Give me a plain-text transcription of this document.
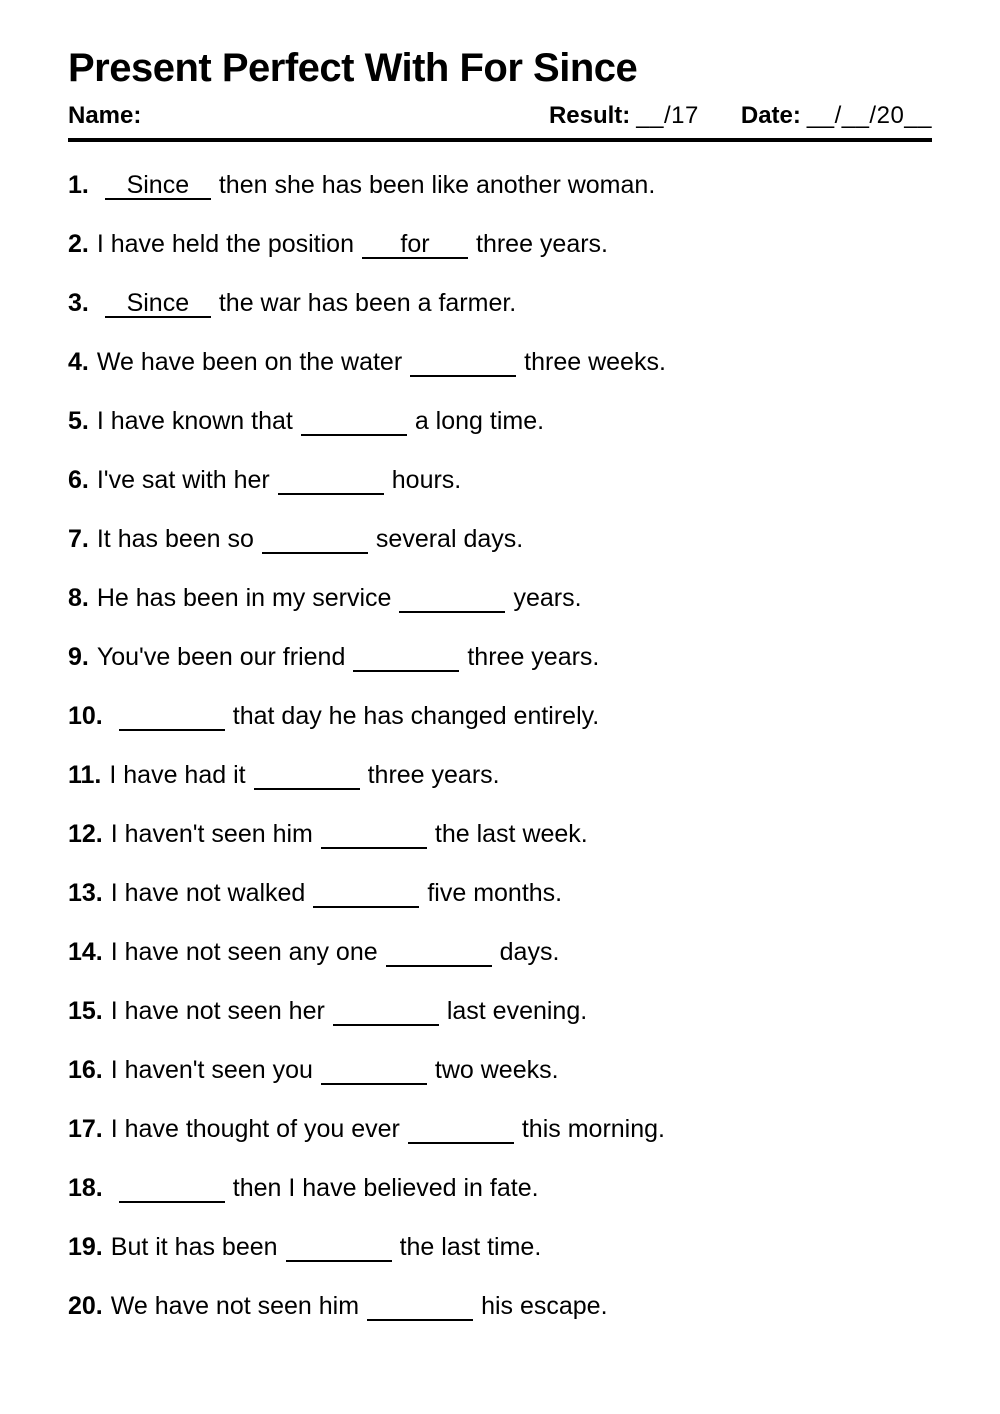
Present Perfect With For Since
Name:	Result: __/17 Date: __/__/20__
1. Since then she has been like another woman.
2. I have held the position for three years.
3. Since the war has been a farmer.
4. We have been on the water	three weeks.
5. I have known that	a long time.
6. I've sat with her	hours.
7. It has been so	several days.
8. He has been in my service	years.
9. You've been our friend	three years.
10.	that day he has changed entirely.
11. I have had it	three years.
12. I haven't seen him	the last week.
13. I have not walked	five months.
14. I have not seen any one	days.
15. I have not seen her	last evening.
16. I haven't seen you	two weeks.
17. I have thought of you ever	this morning.
18.	then I have believed in fate.
19. But it has been	the last time.
20. We have not seen him	his escape.
